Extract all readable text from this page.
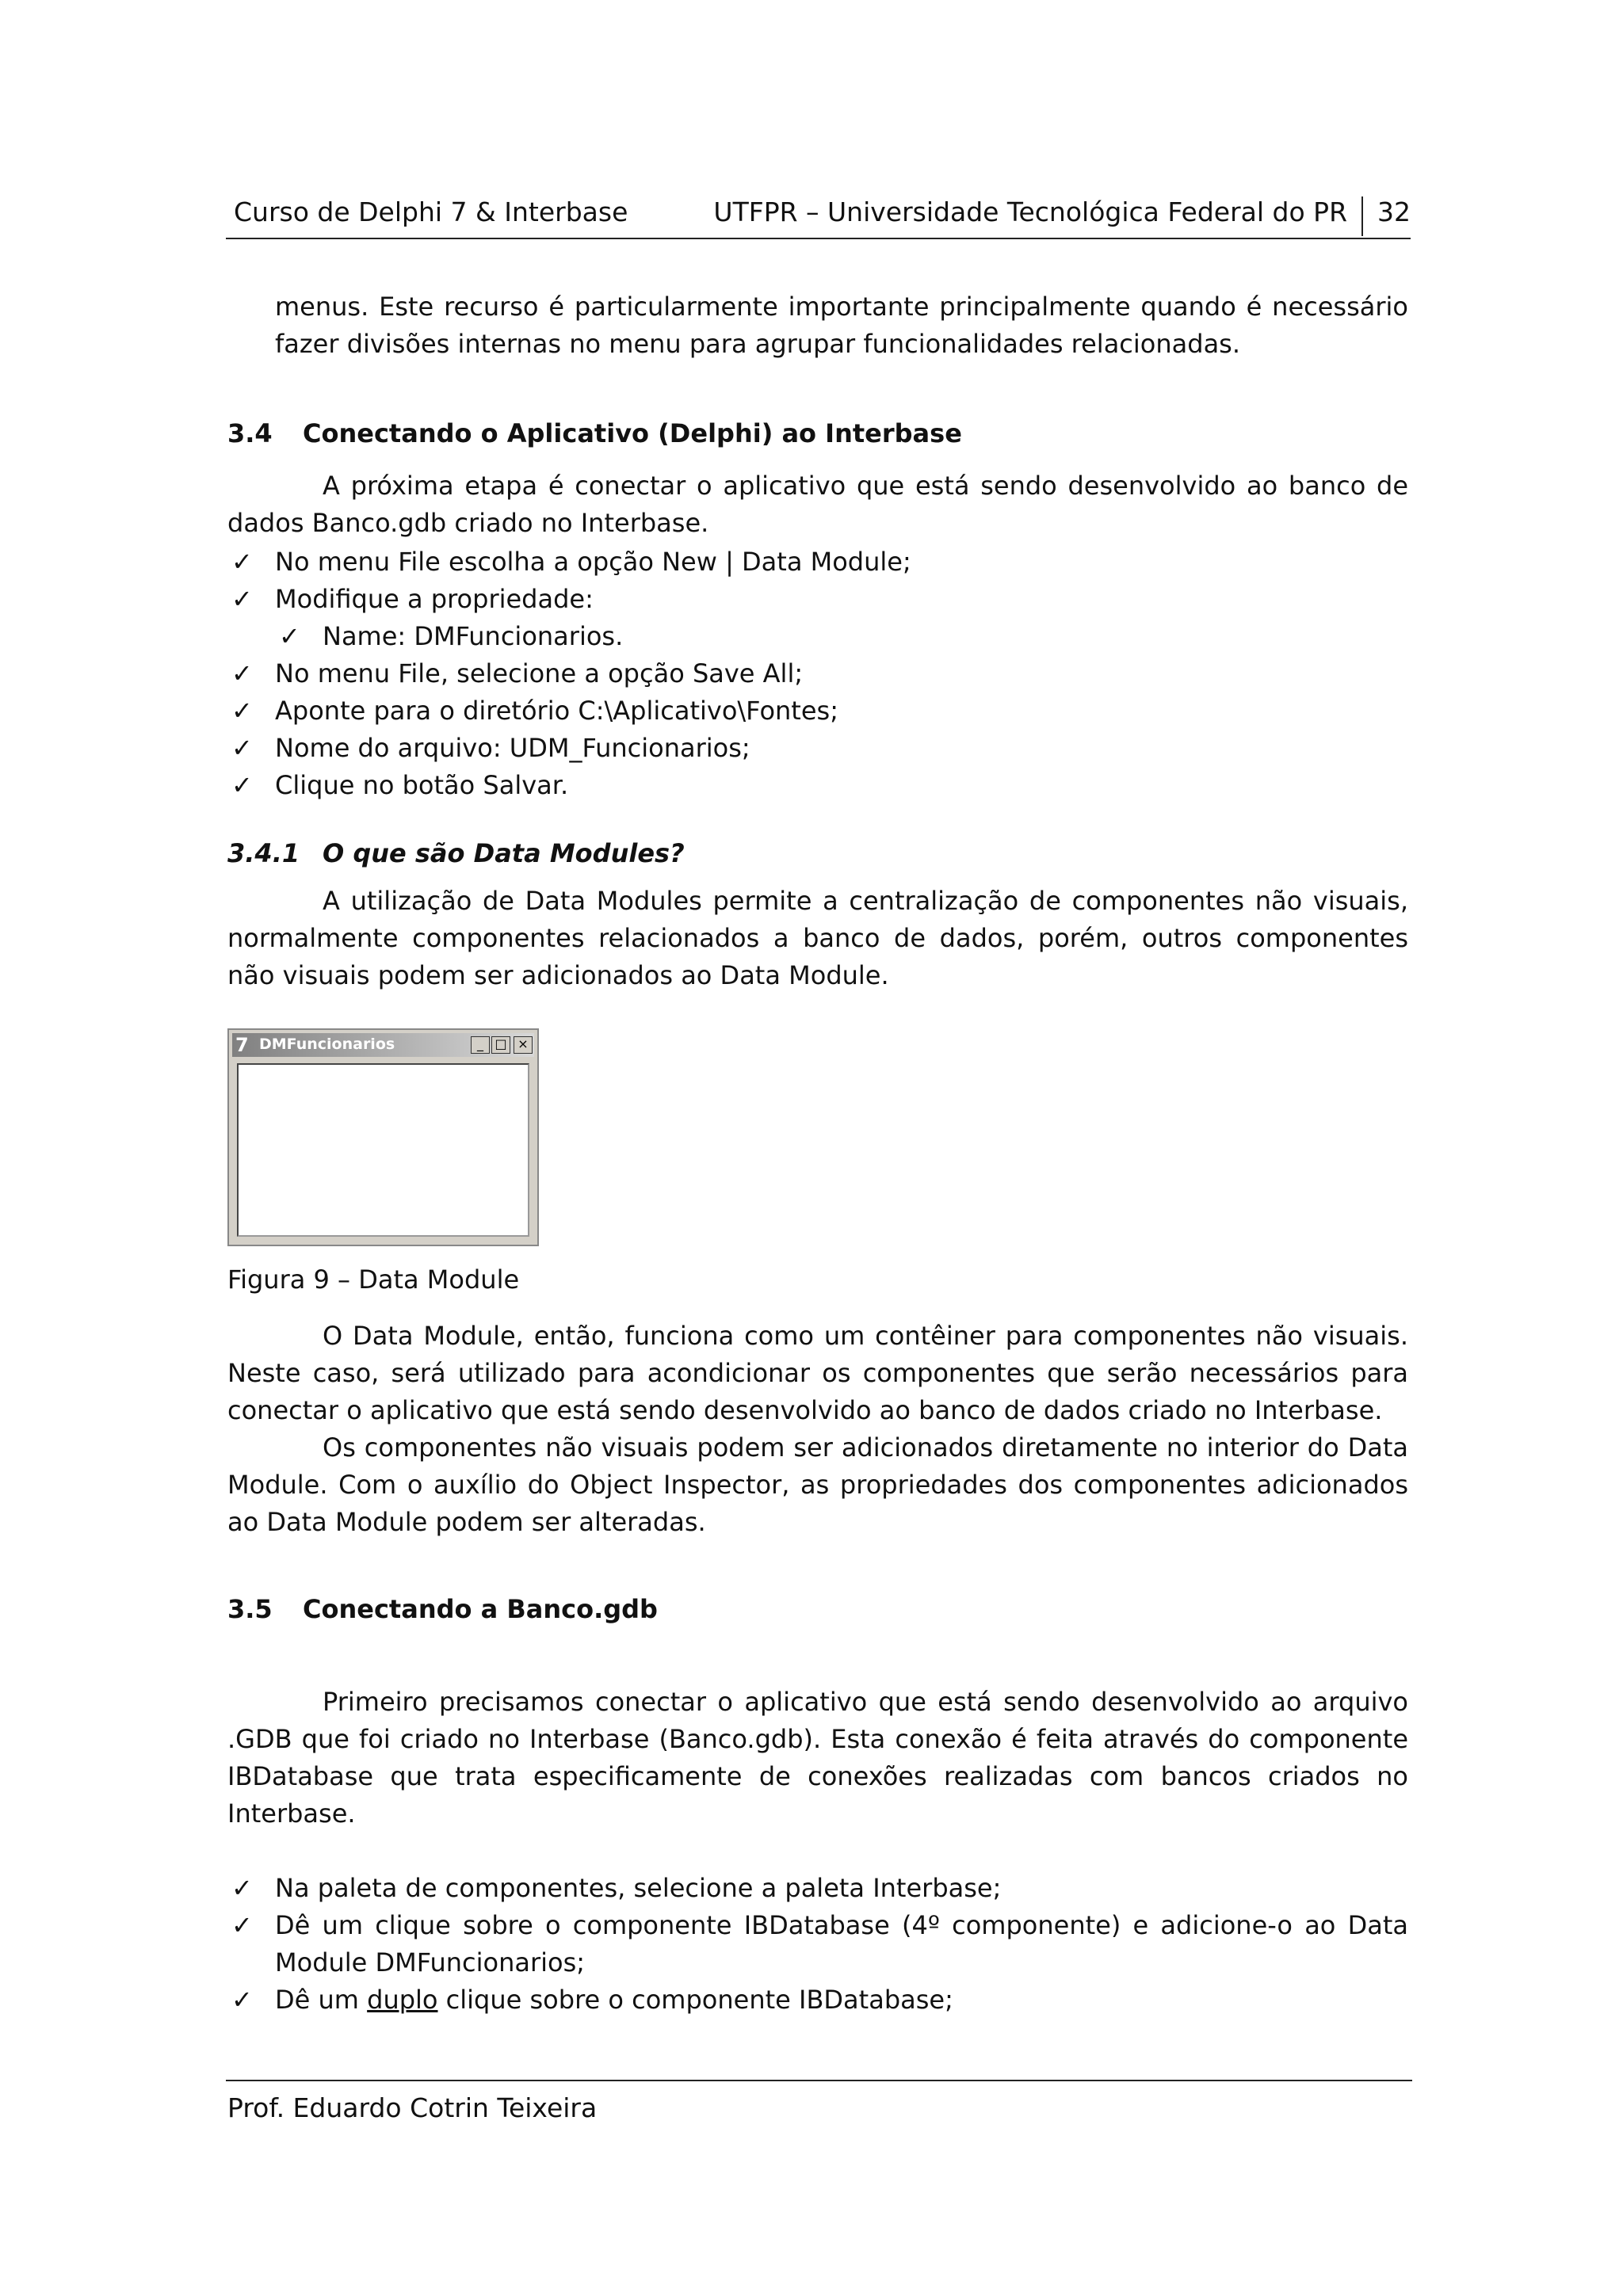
Curso de Delphi 7 & Interbase	UTFPR – Universidade Tecnológica Federal do PR 32

menus. Este recurso é particularmente importante principalmente quando é necessário fazer divisões internas no menu para agrupar funcionalidades relacionadas.

3.4 Conectando o Aplicativo (Delphi) ao Interbase

A próxima etapa é conectar o aplicativo que está sendo desenvolvido ao banco de dados Banco.gdb criado no Interbase.

✓ No menu File escolha a opção New | Data Module;
✓ Modifique a propriedade:
✓ Name: DMFuncionarios.
✓ No menu File, selecione a opção Save All;
✓ Aponte para o diretório C:\Aplicativo\Fontes;
✓ Nome do arquivo: UDM_Funcionarios;
✓ Clique no botão Salvar.
3.4.1 O que são Data Modules?

A utilização de Data Modules permite a centralização de componentes não visuais, normalmente componentes relacionados a banco de dados, porém, outros componentes não visuais podem ser adicionados ao Data Module.

7 DMFuncionarios	_ □ ×

Figura 9 – Data Module

O Data Module, então, funciona como um contêiner para componentes não visuais. Neste caso, será utilizado para acondicionar os componentes que serão necessários para conectar o aplicativo que está sendo desenvolvido ao banco de dados criado no Interbase.

Os componentes não visuais podem ser adicionados diretamente no interior do Data Module. Com o auxílio do Object Inspector, as propriedades dos componentes adicionados ao Data Module podem ser alteradas.

3.5 Conectando a Banco.gdb

Primeiro precisamos conectar o aplicativo que está sendo desenvolvido ao arquivo .GDB que foi criado no Interbase (Banco.gdb). Esta conexão é feita através do componente IBDatabase que trata especificamente de conexões realizadas com bancos criados no Interbase.

✓ Na paleta de componentes, selecione a paleta Interbase;
✓ Dê um clique sobre o componente IBDatabase (4º componente) e adicione-o ao Data Module DMFuncionarios;
✓ Dê um duplo clique sobre o componente IBDatabase;
Prof. Eduardo Cotrin Teixeira
